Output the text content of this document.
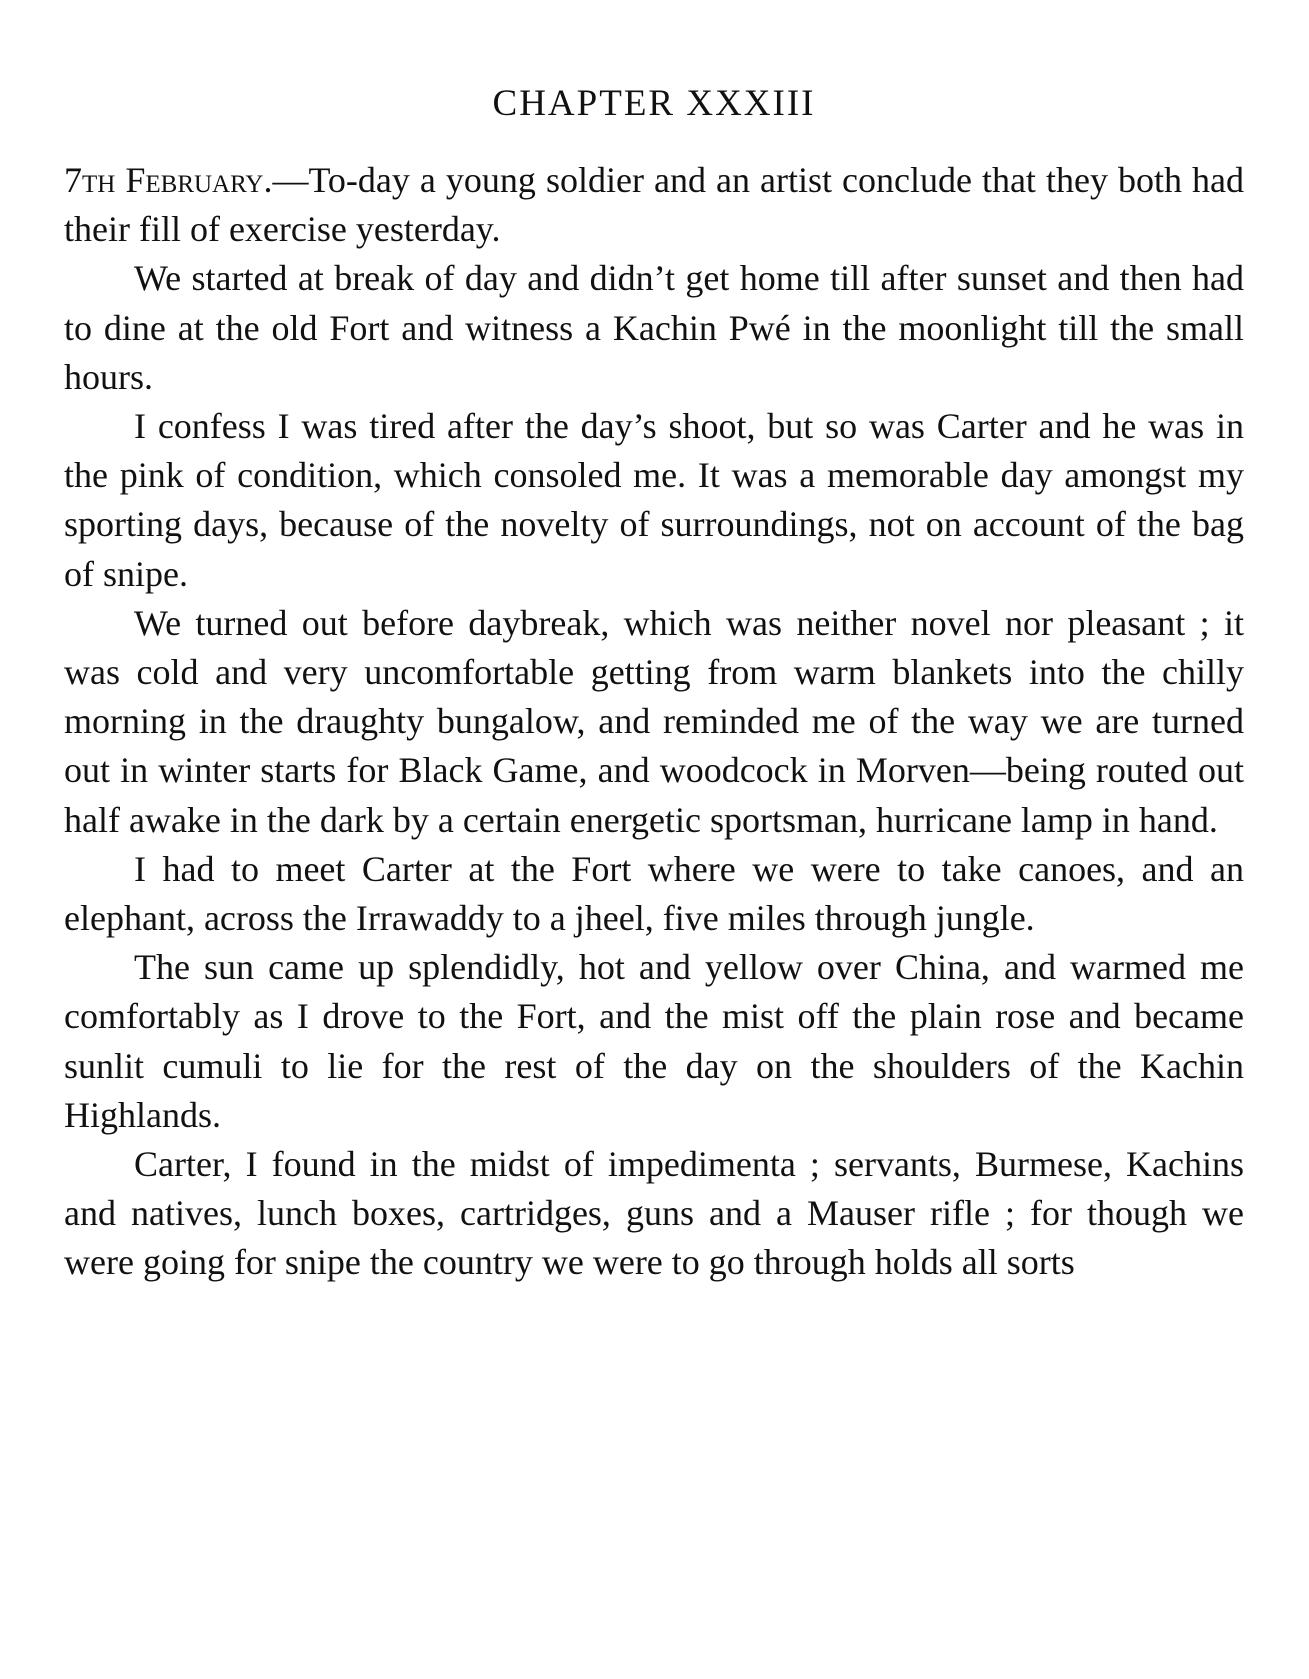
CHAPTER XXXIII

7th February.—To-day a young soldier and an artist conclude that they both had their fill of exercise yesterday.

We started at break of day and didn’t get home till after sunset and then had to dine at the old Fort and witness a Kachin Pwé in the moonlight till the small hours.

I confess I was tired after the day’s shoot, but so was Carter and he was in the pink of condition, which consoled me. It was a memorable day amongst my sporting days, because of the novelty of surroundings, not on account of the bag of snipe.

We turned out before daybreak, which was neither novel nor pleasant ; it was cold and very uncomfortable getting from warm blankets into the chilly morning in the draughty bungalow, and reminded me of the way we are turned out in winter starts for Black Game, and woodcock in Morven—being routed out half awake in the dark by a certain energetic sportsman, hurricane lamp in hand.

I had to meet Carter at the Fort where we were to take canoes, and an elephant, across the Irrawaddy to a jheel, five miles through jungle.

The sun came up splendidly, hot and yellow over China, and warmed me comfortably as I drove to the Fort, and the mist off the plain rose and became sunlit cumuli to lie for the rest of the day on the shoulders of the Kachin Highlands.

Carter, I found in the midst of impedimenta ; servants, Burmese, Kachins and natives, lunch boxes, cartridges, guns and a Mauser rifle ; for though we were going for snipe the country we were to go through holds all sorts
